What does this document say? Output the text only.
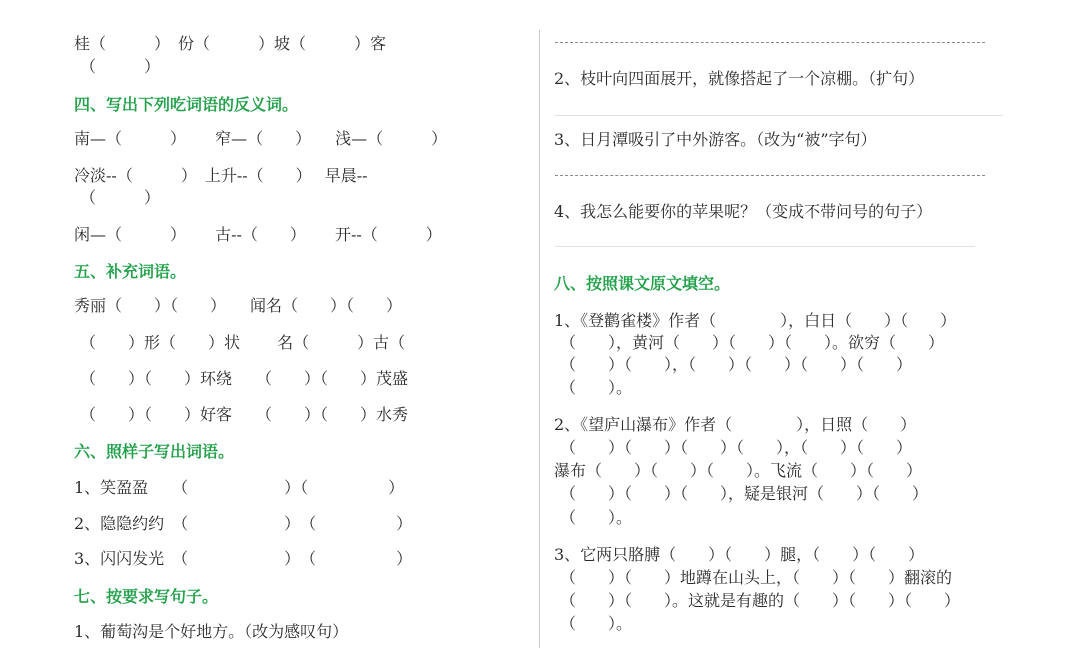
桂（　　　）　份（　　　）坡（　　　）客
（　　　）
四、写出下列吃词语的反义词。
南—（　　　）　　 窄—（　　）　　浅—（　　　）
冷淡--（　　　）　上升--（　　）　 早晨--
（　　　）
闲—（　　　）　　 古--（　　）　　 开--（　　　）
五、补充词语。
秀丽（　　）（　　）　　闻名（　　）（　　）
（　　）形（　　）状　　 名（　　　）古（　　
（　　）（　　）环绕　　（　　）（　　）茂盛
（　　）（　　）好客　　（　　）（　　）水秀
六、照样子写出词语。
1、笑盈盈　　（　　　　　　）（　　　　　）
2、隐隐约约　（　　　　　　）　（　　　　　）
3、闪闪发光　（　　　　　　）　（　　　　　）
七、按要求写句子。
1、葡萄沟是个好地方。（改为感叹句）
2、枝叶向四面展开，就像搭起了一个凉棚。（扩句）
3、日月潭吸引了中外游客。（改为“被”字句）
4、我怎么能要你的苹果呢？（变成不带问号的句子）
八、按照课文原文填空。
1、《登鹳雀楼》作者（　　　　），白日（　　）（　　）
（　　），黄河（　　）（　　）（　　）。欲穷（　　）
（　　）（　　），（　　）（　　）（　　）（　　）
（　　）。
2、《望庐山瀑布》作者（　　　　），日照（　　）
（　　）（　　）（　　）（　　），（　　）（　　）
瀑布（　　）（　　）（　　）。飞流（　　）（　　）
（　　）（　　）（　　），疑是银河（　　）（　　）
（　　）。
3、它两只胳膊（　　）（　　）腿，（　　）（　　）
（　　）（　　）地蹲在山头上，（　　）（　　）翻滚的
（　　）（　　）。这就是有趣的（　　）（　　）（　　）
（　　）。
